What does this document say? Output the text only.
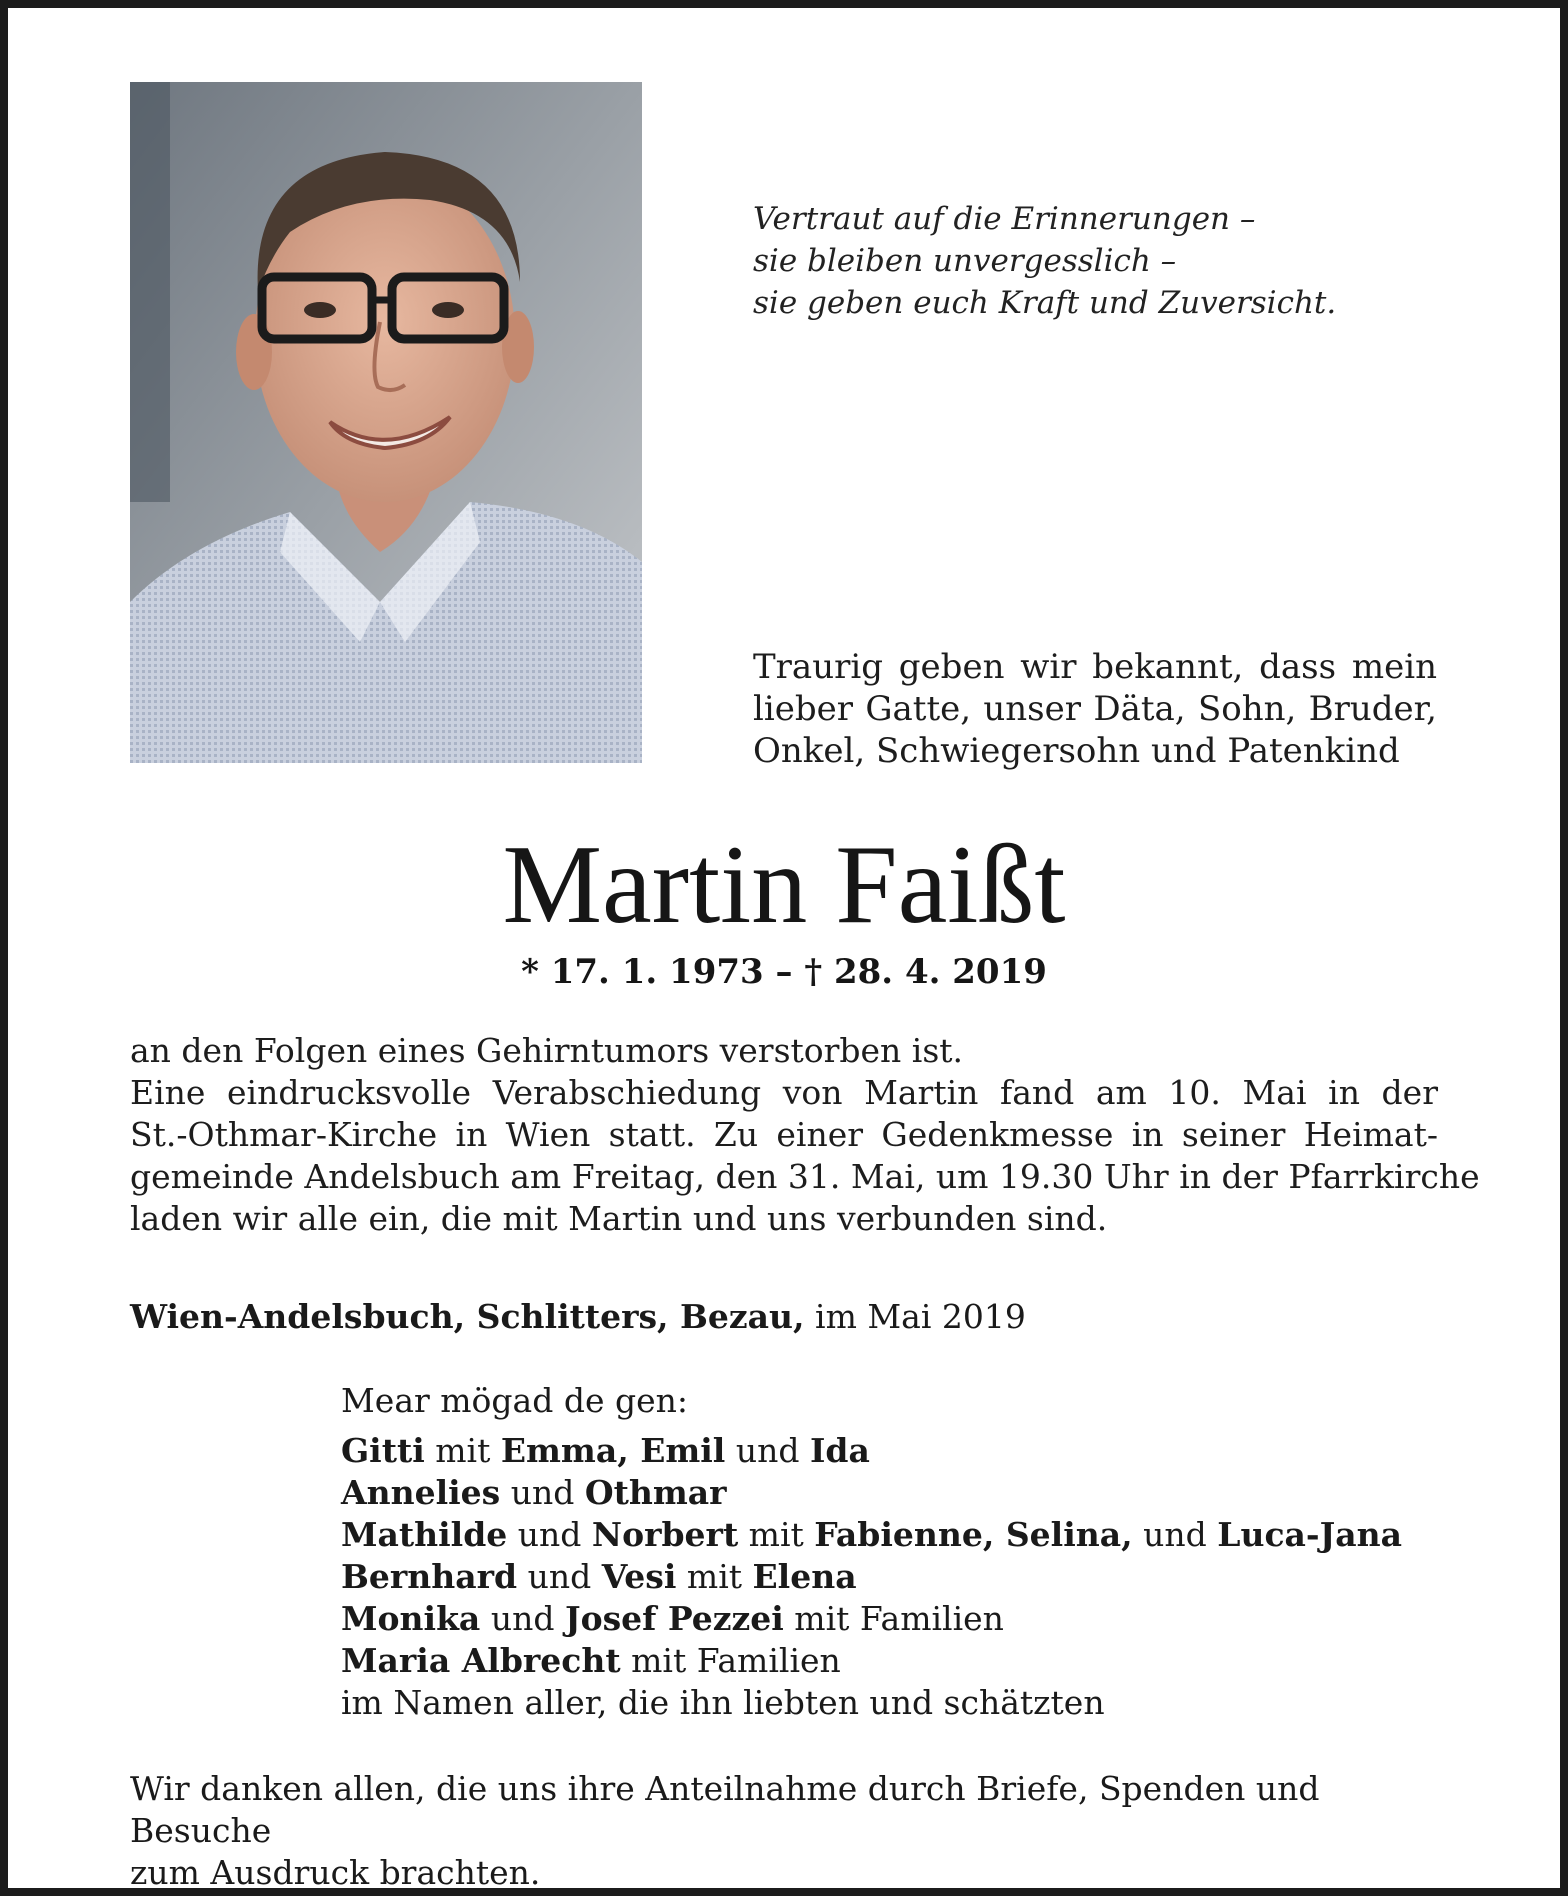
Vertraut auf die Erinnerungen –
sie bleiben unvergesslich –
sie geben euch Kraft und Zuversicht.
Traurig geben wir bekannt, dass mein
lieber Gatte, unser Däta, Sohn, Bruder,
Onkel, Schwiegersohn und Patenkind
Martin Faißt
* 17. 1. 1973 – † 28. 4. 2019
an den Folgen eines Gehirntumors verstorben ist.
Eine eindrucksvolle Verabschiedung von Martin fand am 10. Mai in der
St.-Othmar-Kirche in Wien statt. Zu einer Gedenkmesse in seiner Heimat-
gemeinde Andelsbuch am Freitag, den 31. Mai, um 19.30 Uhr in der Pfarrkirche
laden wir alle ein, die mit Martin und uns verbunden sind.
Wien-Andelsbuch, Schlitters, Bezau, im Mai 2019
Mear mögad de gen:
Gitti mit Emma, Emil und Ida
Annelies und Othmar
Mathilde und Norbert mit Fabienne, Selina, und Luca-Jana
Bernhard und Vesi mit Elena
Monika und Josef Pezzei mit Familien
Maria Albrecht mit Familien
im Namen aller, die ihn liebten und schätzten
Wir danken allen, die uns ihre Anteilnahme durch Briefe, Spenden und Besuche
zum Ausdruck brachten.
